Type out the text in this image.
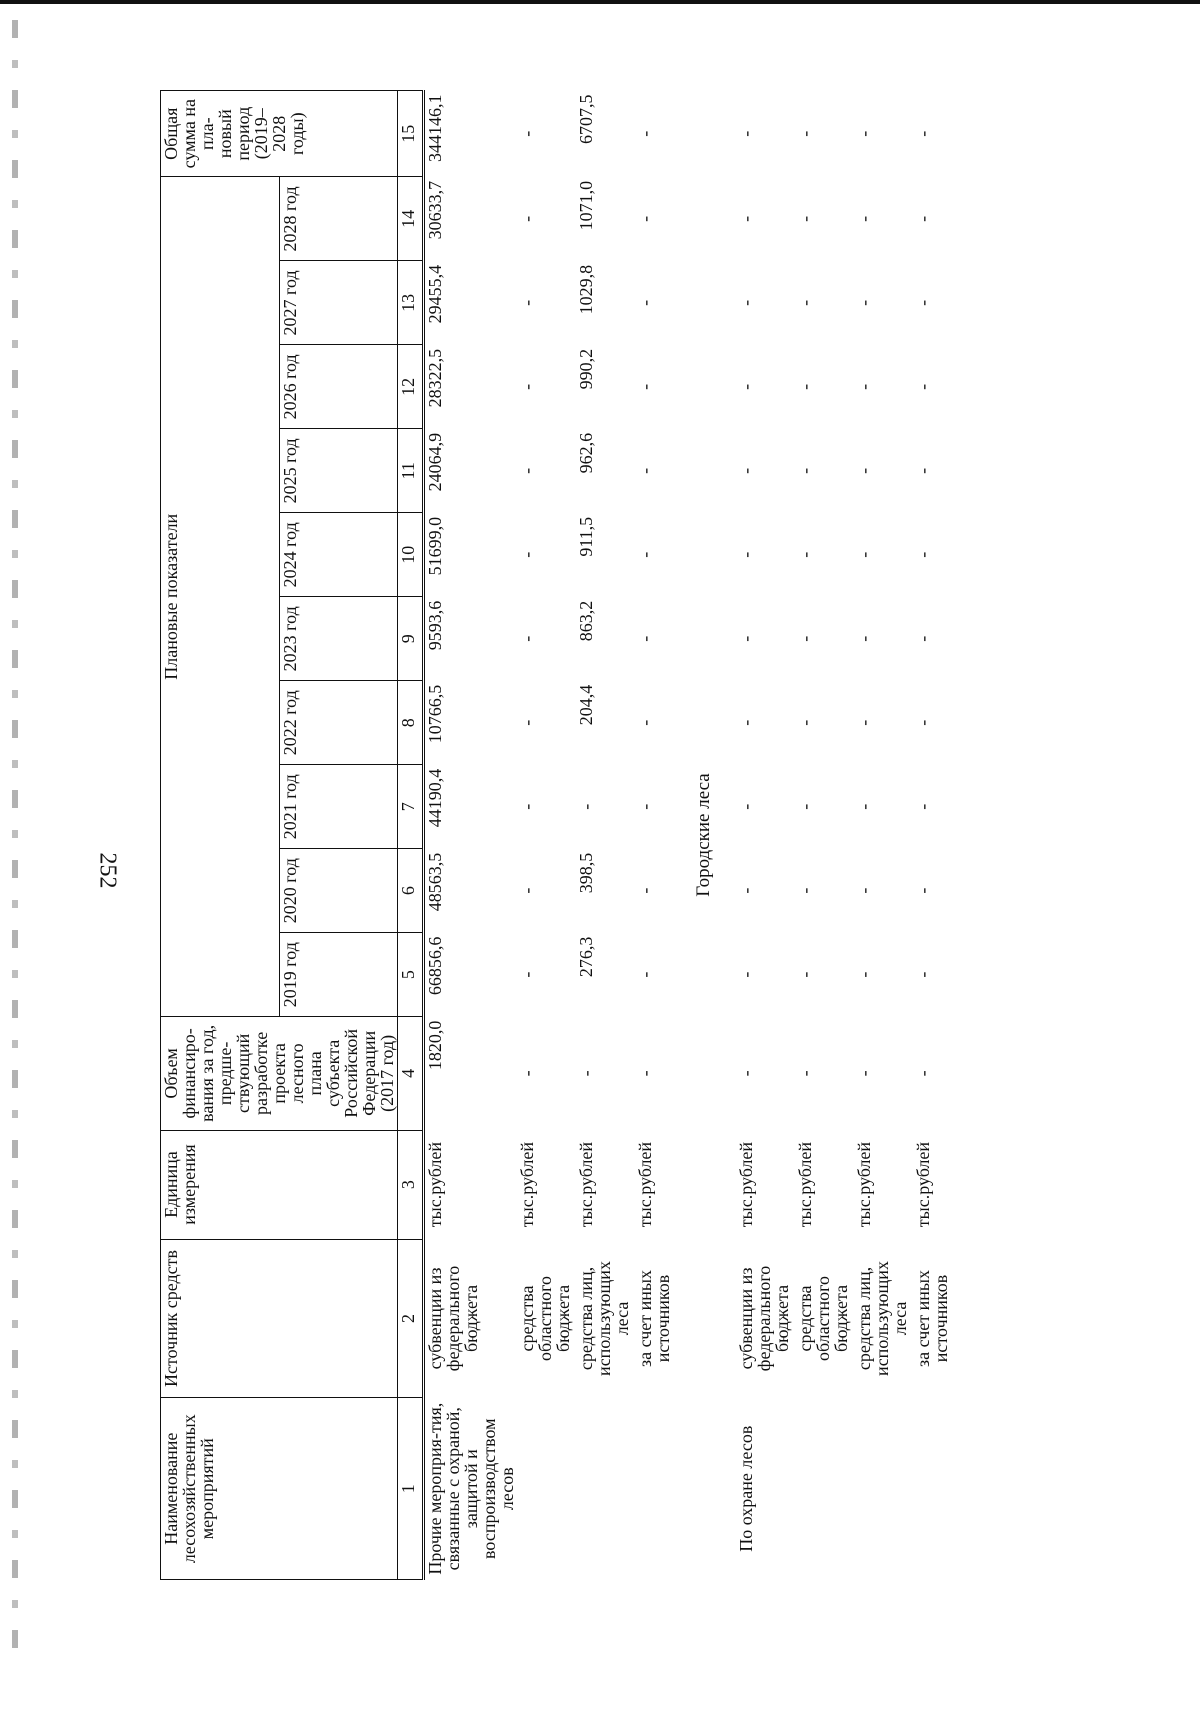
252
Наименование лесохозяйственных мероприятий	Источник средств	Единица измерения	Объем финансиро-вания за год, предше-ствующий разработке проекта лесного плана субъекта Российской Федерации (2017 год)	Плановые показатели										Общая сумма на пла-новый период (2019–2028 годы)
				2019 год	2020 год	2021 год	2022 год	2023 год	2024 год	2025 год	2026 год	2027 год	2028 год	
1	2	3	4	5	6	7	8	9	10	11	12	13	14	15
Прочие мероприя-тия, связанные с охраной, защитой и воспроизводством лесов	субвенции из федерального бюджета	тыс.рублей	1820,0	66856,6	48563,5	44190,4	10766,5	9593,6	51699,0	24064,9	28322,5	29455,4	30633,7	344146,1
	средства областного бюджета	тыс.рублей	-	-	-	-	-	-	-	-	-	-	-	-
	средства лиц, использующих леса	тыс.рублей	-	276,3	398,5	-	204,4	863,2	911,5	962,6	990,2	1029,8	1071,0	6707,5
	за счет иных источников	тыс.рублей	-	-	-	-	-	-	-	-	-	-	-	-
Городские леса														
По охране лесов	субвенции из федерального бюджета	тыс.рублей	-	-	-	-	-	-	-	-	-	-	-	-
	средства областного бюджета	тыс.рублей	-	-	-	-	-	-	-	-	-	-	-	-
	средства лиц, использующих леса	тыс.рублей	-	-	-	-	-	-	-	-	-	-	-	-
	за счет иных источников	тыс.рублей	-	-	-	-	-	-	-	-	-	-	-	-
